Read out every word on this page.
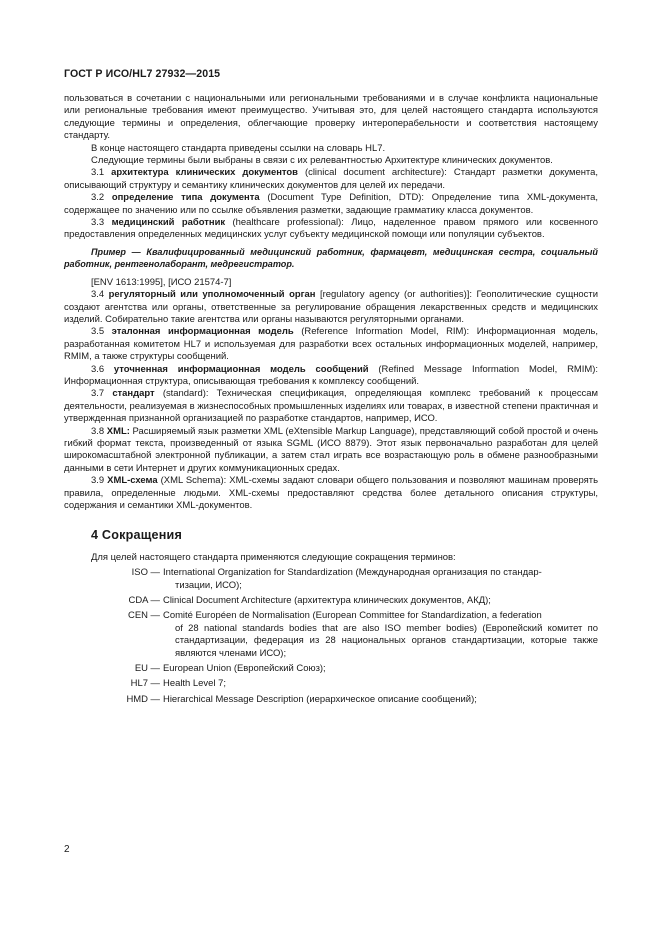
ГОСТ Р ИСО/HL7 27932—2015

пользоваться в сочетании с национальными или региональными требованиями и в случае конфликта национальные или региональные требования имеют преимущество. Учитывая это, для целей настоящего стандарта используются следующие термины и определения, облегчающие проверку интероперабельности и соответствия настоящему стандарту.

В конце настоящего стандарта приведены ссылки на словарь HL7.

Следующие термины были выбраны в связи с их релевантностью Архитектуре клинических документов.

3.1 архитектура клинических документов (clinical document architecture): Стандарт разметки документа, описывающий структуру и семантику клинических документов для целей их передачи.

3.2 определение типа документа (Document Type Definition, DTD): Определение типа XML-документа, содержащее по значению или по ссылке объявления разметки, задающие грамматику класса документов.

3.3 медицинский работник (healthcare professional): Лицо, наделенное правом прямого или косвенного предоставления определенных медицинских услуг субъекту медицинской помощи или популяции субъектов.

Пример — Квалифицированный медицинский работник, фармацевт, медицинская сестра, социальный работник, рентгенолаборант, медрегистратор.

[ENV 1613:1995], [ИСО 21574-7]

3.4 регуляторный или уполномоченный орган [regulatory agency (or authorities)]: Геополитические сущности создают агентства или органы, ответственные за регулирование обращения лекарственных средств и медицинских изделий. Собирательно такие агентства или органы называются регуляторными органами.

3.5 эталонная информационная модель (Reference Information Model, RIM): Информационная модель, разработанная комитетом HL7 и используемая для разработки всех остальных информационных моделей, например, RMIM, а также структуры сообщений.

3.6 уточненная информационная модель сообщений (Refined Message Information Model, RMIM): Информационная структура, описывающая требования к комплексу сообщений.

3.7 стандарт (standard): Техническая спецификация, определяющая комплекс требований к процессам деятельности, реализуемая в жизнеспособных промышленных изделиях или товарах, в известной степени практичная и утвержденная признанной организацией по разработке стандартов, например, ИСО.

3.8 XML: Расширяемый язык разметки XML (eXtensible Markup Language), представляющий собой простой и очень гибкий формат текста, произведенный от языка SGML (ИСО 8879). Этот язык первоначально разработан для целей широкомасштабной электронной публикации, а затем стал играть все возрастающую роль в обмене разнообразными данными в сети Интернет и других коммуникационных средах.

3.9 XML-схема (XML Schema): XML-схемы задают словари общего пользования и позволяют машинам проверять правила, определенные людьми. XML-схемы предоставляют средства более детального описания структуры, содержания и семантики XML-документов.

4 Сокращения

Для целей настоящего стандарта применяются следующие сокращения терминов:

ISO — International Organization for Standardization (Международная организация по стандар-
тизации, ИСО);
CDA — Clinical Document Architecture (архитектура клинических документов, АКД);
CEN — Comité Européen de Normalisation (European Committee for Standardization, a federation
of 28 national standards bodies that are also ISO member bodies) (Европейский комитет по стандартизации, федерация из 28 национальных органов стандартизации, которые также являются членами ИСО);
EU — European Union (Европейский Союз);
HL7 — Health Level 7;
HMD — Hierarchical Message Description (иерархическое описание сообщений);
2
